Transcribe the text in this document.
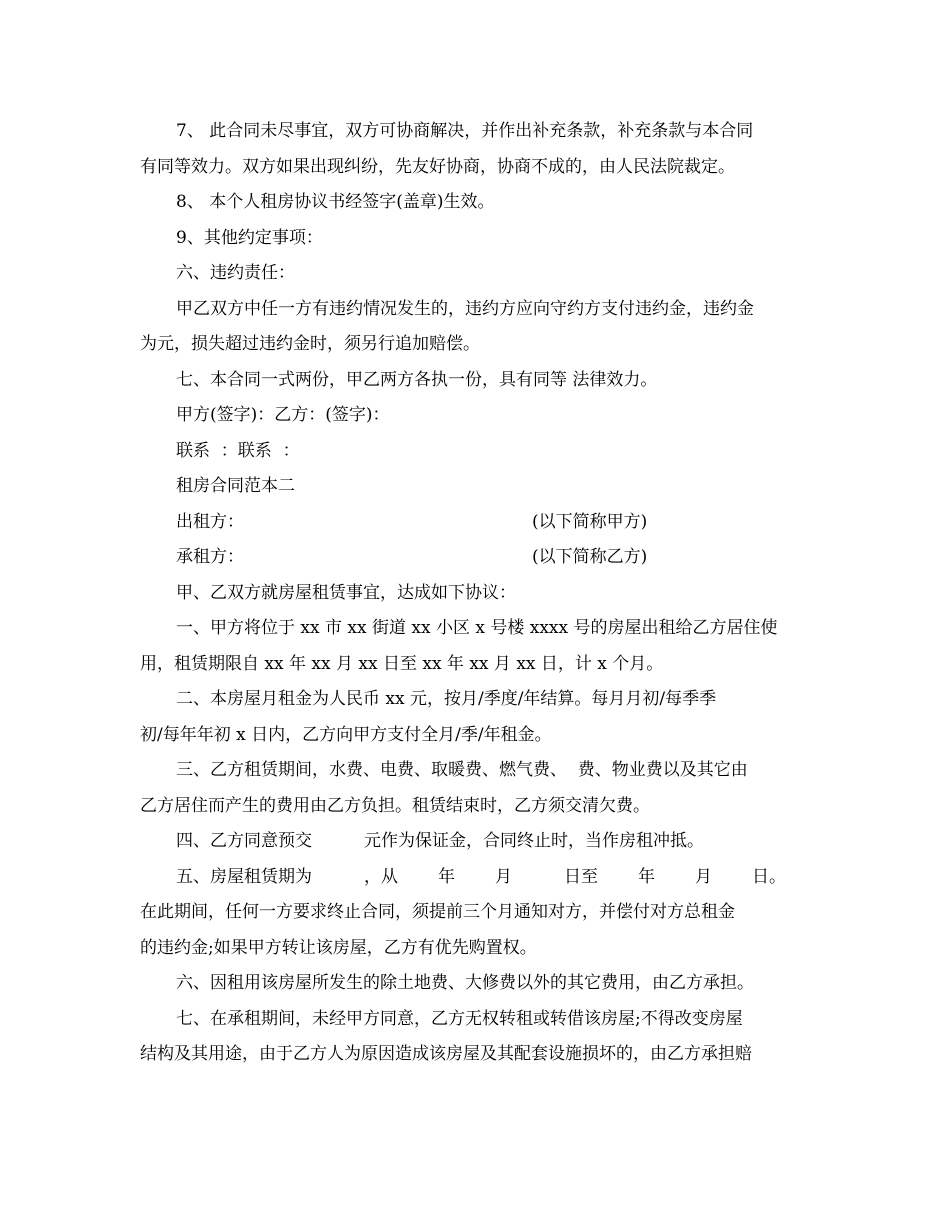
7、 此合同未尽事宜，双方可协商解决，并作出补充条款，补充条款与本合同

有同等效力。双方如果出现纠纷，先友好协商，协商不成的，由人民法院裁定。

8、 本个人租房协议书经签字(盖章)生效。

9、其他约定事项：

六、违约责任：

甲乙双方中任一方有违约情况发生的，违约方应向守约方支付违约金，违约金

为元，损失超过违约金时，须另行追加赔偿。

七、本合同一式两份，甲乙两方各执一份，具有同等 法律效力。

甲方(签字)：乙方：(签字)：

联系  ：联系  ：

租房合同范本二

出租方：	(以下简称甲方)
承租方：	(以下简称乙方)

甲、乙双方就房屋租赁事宜，达成如下协议：

一、甲方将位于 xx 市 xx 街道 xx 小区 x 号楼 xxxx 号的房屋出租给乙方居住使

用，租赁期限自 xx 年 xx 月 xx 日至 xx 年 xx 月 xx 日，计 x 个月。

二、本房屋月租金为人民币 xx 元，按月/季度/年结算。每月月初/每季季

初/每年年初 x 日内，乙方向甲方支付全月/季/年租金。

三、乙方租赁期间，水费、电费、取暖费、燃气费、  费、物业费以及其它由

乙方居住而产生的费用由乙方负担。租赁结束时，乙方须交清欠费。

四、乙方同意预交	元作为保证金，合同终止时，当作房租冲抵。

五、房屋租赁期为	，从 年 月	日至 年 月 日。

在此期间，任何一方要求终止合同，须提前三个月通知对方，并偿付对方总租金

的违约金;如果甲方转让该房屋，乙方有优先购置权。

六、因租用该房屋所发生的除土地费、大修费以外的其它费用，由乙方承担。

七、在承租期间，未经甲方同意，乙方无权转租或转借该房屋;不得改变房屋

结构及其用途，由于乙方人为原因造成该房屋及其配套设施损坏的，由乙方承担赔
